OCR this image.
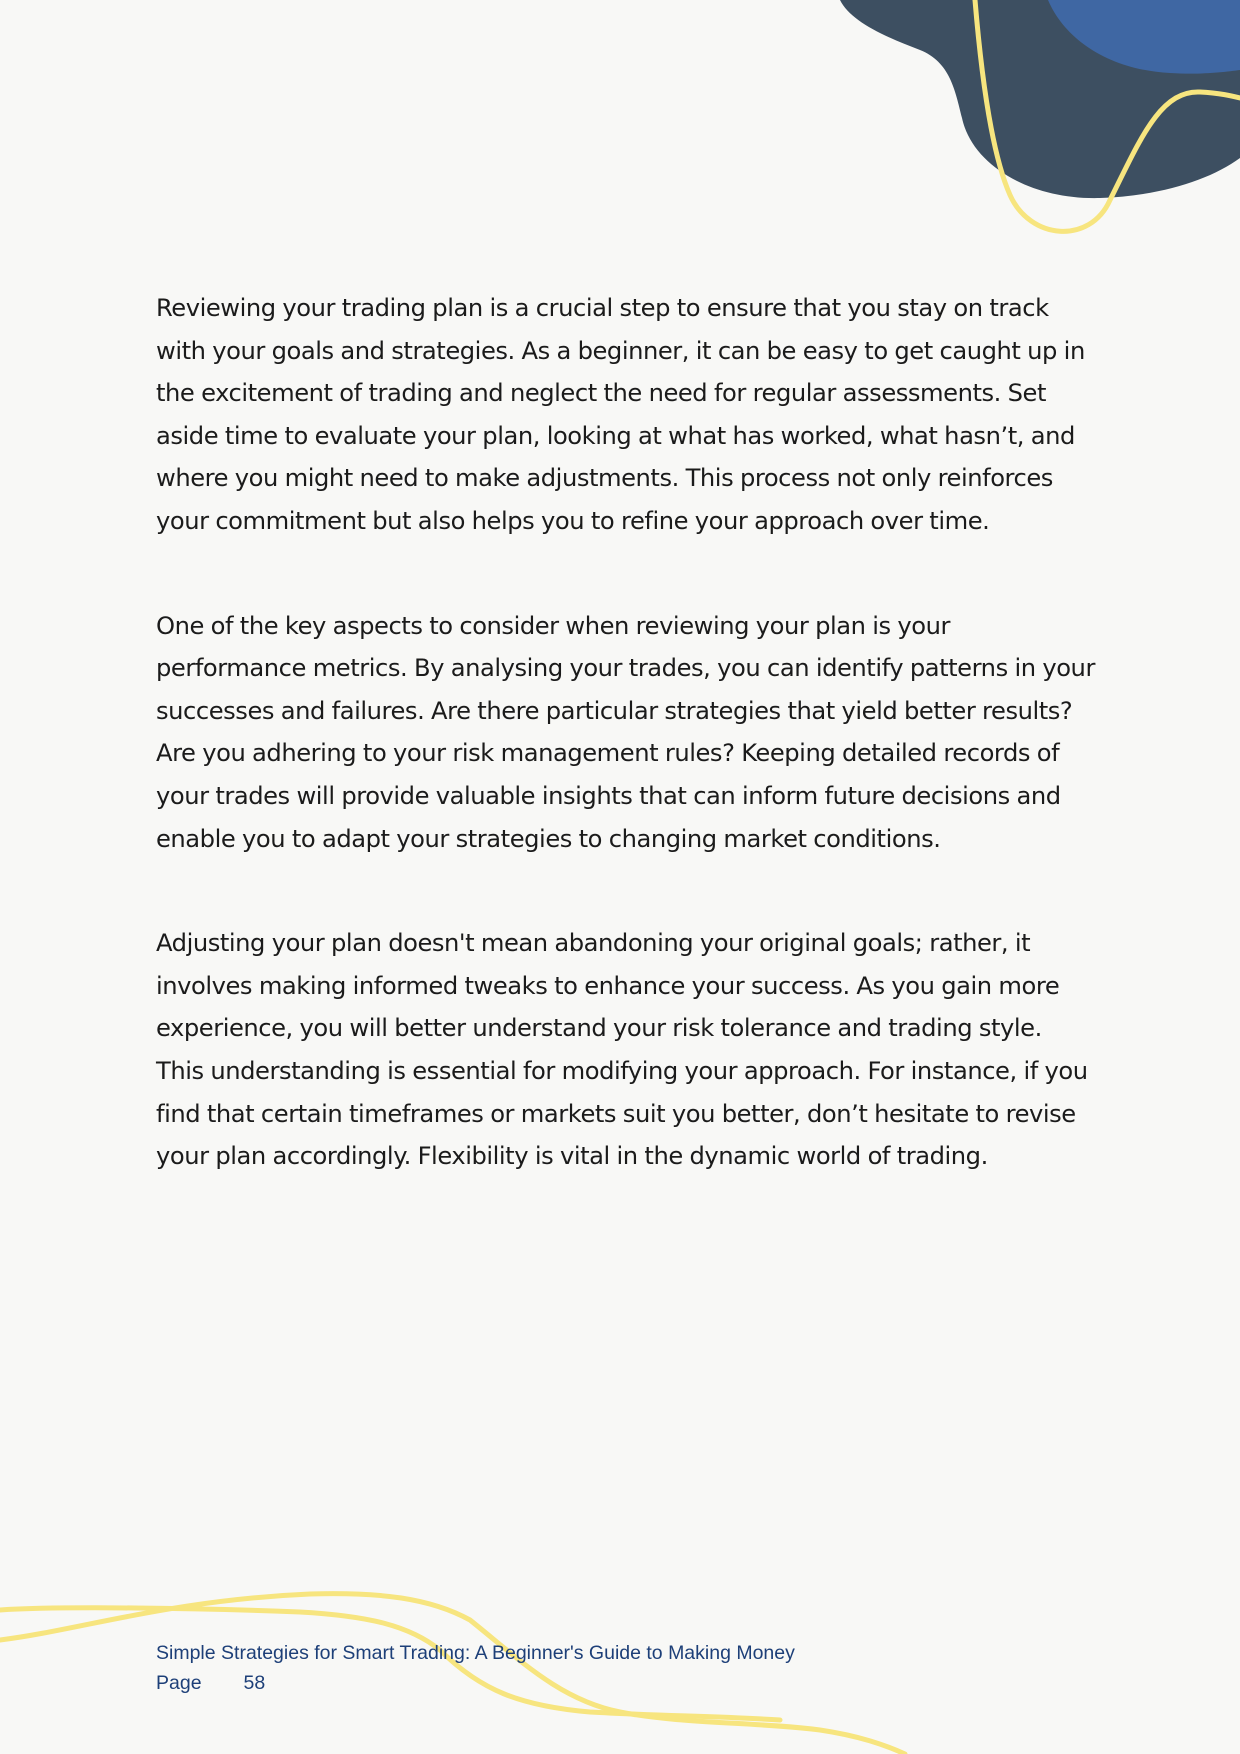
Reviewing your trading plan is a crucial step to ensure that you stay on track with your goals and strategies. As a beginner, it can be easy to get caught up in the excitement of trading and neglect the need for regular assessments. Set aside time to evaluate your plan, looking at what has worked, what hasn’t, and where you might need to make adjustments. This process not only reinforces your commitment but also helps you to refine your approach over time.

One of the key aspects to consider when reviewing your plan is your performance metrics. By analysing your trades, you can identify patterns in your successes and failures. Are there particular strategies that yield better results? Are you adhering to your risk management rules? Keeping detailed records of your trades will provide valuable insights that can inform future decisions and enable you to adapt your strategies to changing market conditions.

Adjusting your plan doesn't mean abandoning your original goals; rather, it involves making informed tweaks to enhance your success. As you gain more experience, you will better understand your risk tolerance and trading style. This understanding is essential for modifying your approach. For instance, if you find that certain timeframes or markets suit you better, don’t hesitate to revise your plan accordingly. Flexibility is vital in the dynamic world of trading.

Simple Strategies for Smart Trading: A Beginner's Guide to Making Money
Page 58
